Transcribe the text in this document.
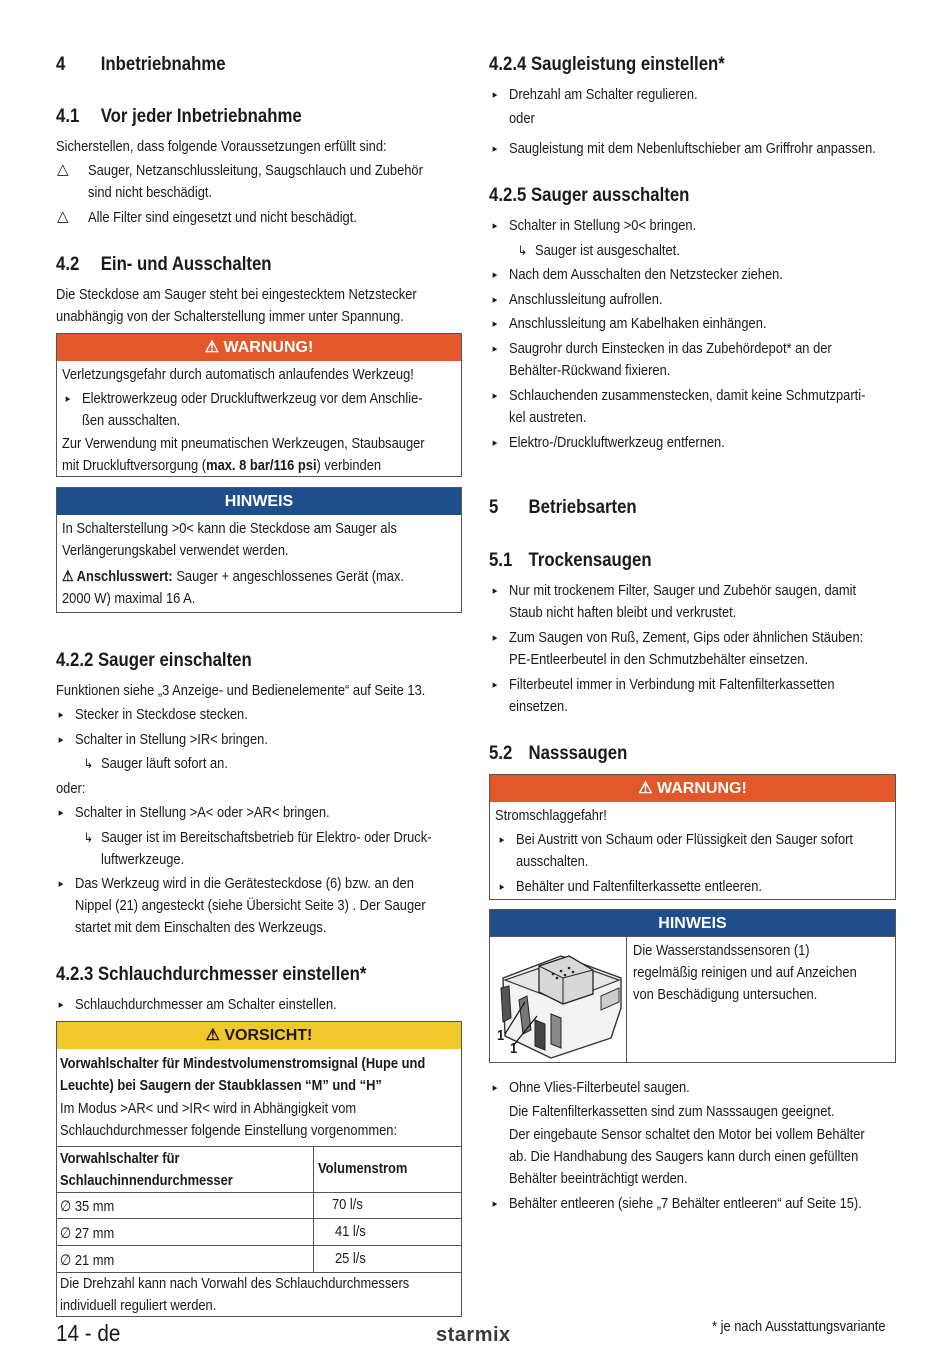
4 Inbetriebnahme
4.1 Vor jeder Inbetriebnahme
Sicherstellen, dass folgende Voraussetzungen erfüllt sind:
△ Sauger, Netzanschlussleitung, Saugschlauch und Zubehör
sind nicht beschädigt.
△ Alle Filter sind eingesetzt und nicht beschädigt.
4.2 Ein- und Ausschalten
Die Steckdose am Sauger steht bei eingestecktem Netzstecker
unabhängig von der Schalterstellung immer unter Spannung.
⚠ WARNUNG!
Verletzungsgefahr durch automatisch anlaufendes Werkzeug!
▸ Elektrowerkzeug oder Druckluftwerkzeug vor dem Anschlie-
ßen ausschalten.
Zur Verwendung mit pneumatischen Werkzeugen, Staubsauger
mit Druckluftversorgung (max. 8 bar/116 psi) verbinden
HINWEIS
In Schalterstellung >0< kann die Steckdose am Sauger als
Verlängerungskabel verwendet werden.
⚠ Anschlusswert: Sauger + angeschlossenes Gerät (max.
2000 W) maximal 16 A.
4.2.2 Sauger einschalten
Funktionen siehe „3 Anzeige- und Bedienelemente“ auf Seite 13.
▸ Stecker in Steckdose stecken.
▸ Schalter in Stellung >IR< bringen.
↳ Sauger läuft sofort an.
oder:
▸ Schalter in Stellung >A< oder >AR< bringen.
↳ Sauger ist im Bereitschaftsbetrieb für Elektro- oder Druck-
luftwerkzeuge.
▸ Das Werkzeug wird in die Gerätesteckdose (6) bzw. an den
Nippel (21) angesteckt (siehe Übersicht Seite 3) . Der Sauger
startet mit dem Einschalten des Werkzeugs.
4.2.3 Schlauchdurchmesser einstellen*
▸ Schlauchdurchmesser am Schalter einstellen.
⚠ VORSICHT!
Vorwahlschalter für Mindestvolumenstromsignal (Hupe und
Leuchte) bei Saugern der Staubklassen “M” und “H”
Im Modus >AR< und >IR< wird in Abhängigkeit vom
Schlauchdurchmesser folgende Einstellung vorgenommen:
Vorwahlschalter für
Schlauchinnendurchmesser
Volumenstrom
∅ 35 mm	70 l/s
∅ 27 mm	41 l/s
∅ 21 mm	25 l/s
Die Drehzahl kann nach Vorwahl des Schlauchdurchmessers
individuell reguliert werden.
4.2.4 Saugleistung einstellen*
▸ Drehzahl am Schalter regulieren.
oder
▸ Saugleistung mit dem Nebenluftschieber am Griffrohr anpassen.
4.2.5 Sauger ausschalten
▸ Schalter in Stellung >0< bringen.
↳ Sauger ist ausgeschaltet.
▸ Nach dem Ausschalten den Netzstecker ziehen.
▸ Anschlussleitung aufrollen.
▸ Anschlussleitung am Kabelhaken einhängen.
▸ Saugrohr durch Einstecken in das Zubehördepot* an der
Behälter-Rückwand fixieren.
▸ Schlauchenden zusammenstecken, damit keine Schmutzparti-
kel austreten.
▸ Elektro-/Druckluftwerkzeug entfernen.
5 Betriebsarten
5.1 Trockensaugen
▸ Nur mit trockenem Filter, Sauger und Zubehör saugen, damit
Staub nicht haften bleibt und verkrustet.
▸ Zum Saugen von Ruß, Zement, Gips oder ähnlichen Stäuben:
PE-Entleerbeutel in den Schmutzbehälter einsetzen.
▸ Filterbeutel immer in Verbindung mit Faltenfilterkassetten
einsetzen.
5.2 Nasssaugen
⚠ WARNUNG!
Stromschlaggefahr!
▸ Bei Austritt von Schaum oder Flüssigkeit den Sauger sofort
ausschalten.
▸ Behälter und Faltenfilterkassette entleeren.
HINWEIS
1
1
Die Wasserstandssensoren (1)
regelmäßig reinigen und auf Anzeichen
von Beschädigung untersuchen.
▸ Ohne Vlies-Filterbeutel saugen.
Die Faltenfilterkassetten sind zum Nasssaugen geeignet.
Der eingebaute Sensor schaltet den Motor bei vollem Behälter
ab. Die Handhabung des Saugers kann durch einen gefüllten
Behälter beeinträchtigt werden.
▸ Behälter entleeren (siehe „7 Behälter entleeren“ auf Seite 15).
14 - de	starmix	* je nach Ausstattungsvariante
